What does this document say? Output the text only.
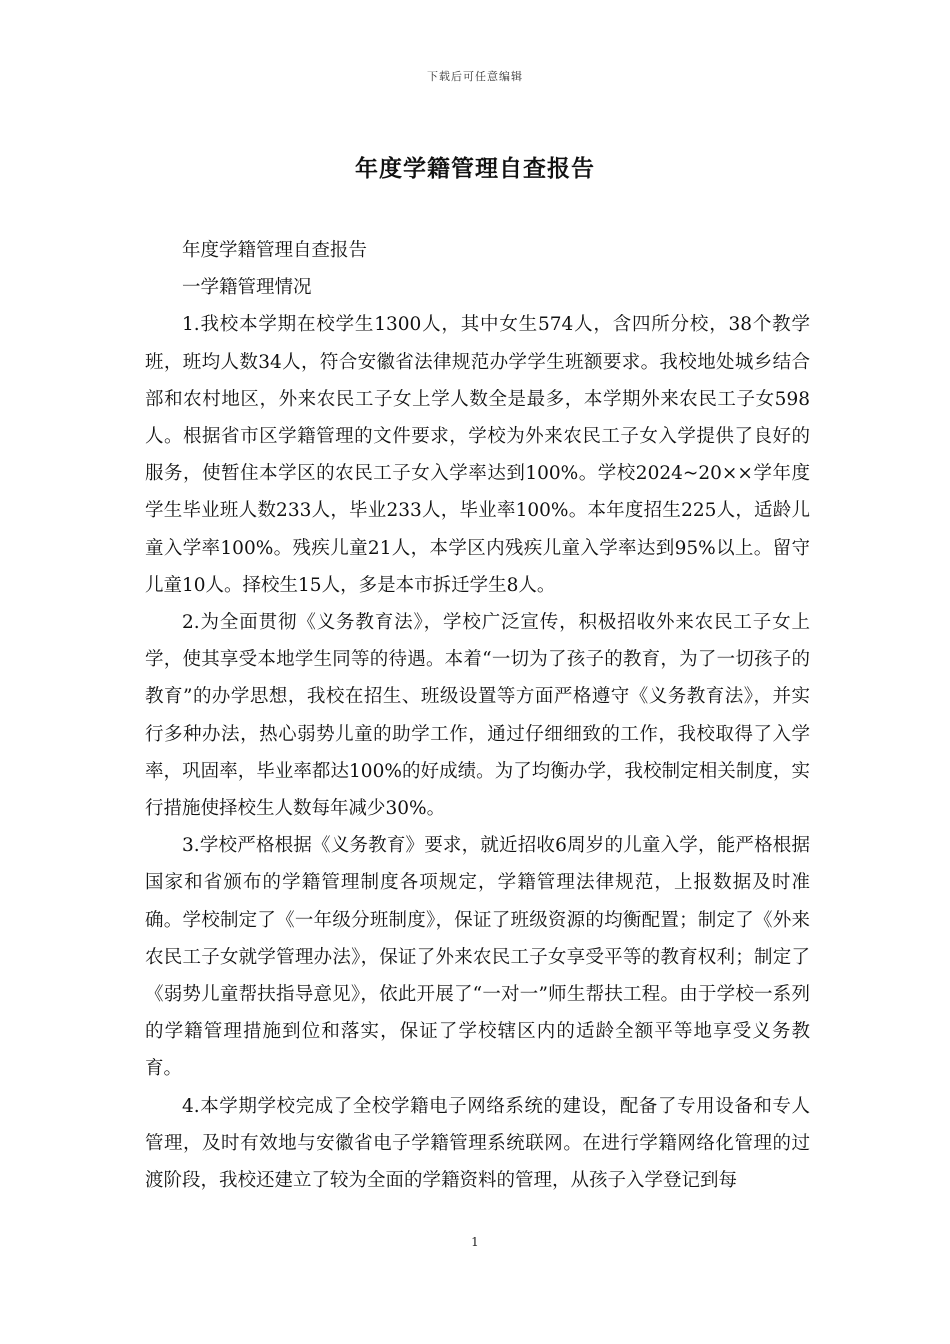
下载后可任意编辑
年度学籍管理自查报告

年度学籍管理自查报告

一学籍管理情况

1.我校本学期在校学生1300人，其中女生574人，含四所分校，38个教学班，班均人数34人，符合安徽省法律规范办学学生班额要求。我校地处城乡结合部和农村地区，外来农民工子女上学人数全是最多，本学期外来农民工子女598人。根据省市区学籍管理的文件要求，学校为外来农民工子女入学提供了良好的服务，使暂住本学区的农民工子女入学率达到100%。学校2024~20××学年度学生毕业班人数233人，毕业233人，毕业率100%。本年度招生225人，适龄儿童入学率100%。残疾儿童21人，本学区内残疾儿童入学率达到95%以上。留守儿童10人。择校生15人，多是本市拆迁学生8人。

2.为全面贯彻《义务教育法》，学校广泛宣传，积极招收外来农民工子女上学，使其享受本地学生同等的待遇。本着“一切为了孩子的教育，为了一切孩子的教育”的办学思想，我校在招生、班级设置等方面严格遵守《义务教育法》，并实行多种办法，热心弱势儿童的助学工作，通过仔细细致的工作，我校取得了入学率，巩固率，毕业率都达100%的好成绩。为了均衡办学，我校制定相关制度，实行措施使择校生人数每年减少30%。

3.学校严格根据《义务教育》要求，就近招收6周岁的儿童入学，能严格根据国家和省颁布的学籍管理制度各项规定，学籍管理法律规范，上报数据及时准确。学校制定了《一年级分班制度》，保证了班级资源的均衡配置；制定了《外来农民工子女就学管理办法》，保证了外来农民工子女享受平等的教育权利；制定了《弱势儿童帮扶指导意见》，依此开展了“一对一”师生帮扶工程。由于学校一系列的学籍管理措施到位和落实，保证了学校辖区内的适龄全额平等地享受义务教育。

4.本学期学校完成了全校学籍电子网络系统的建设，配备了专用设备和专人管理，及时有效地与安徽省电子学籍管理系统联网。在进行学籍网络化管理的过渡阶段，我校还建立了较为全面的学籍资料的管理，从孩子入学登记到每

1
